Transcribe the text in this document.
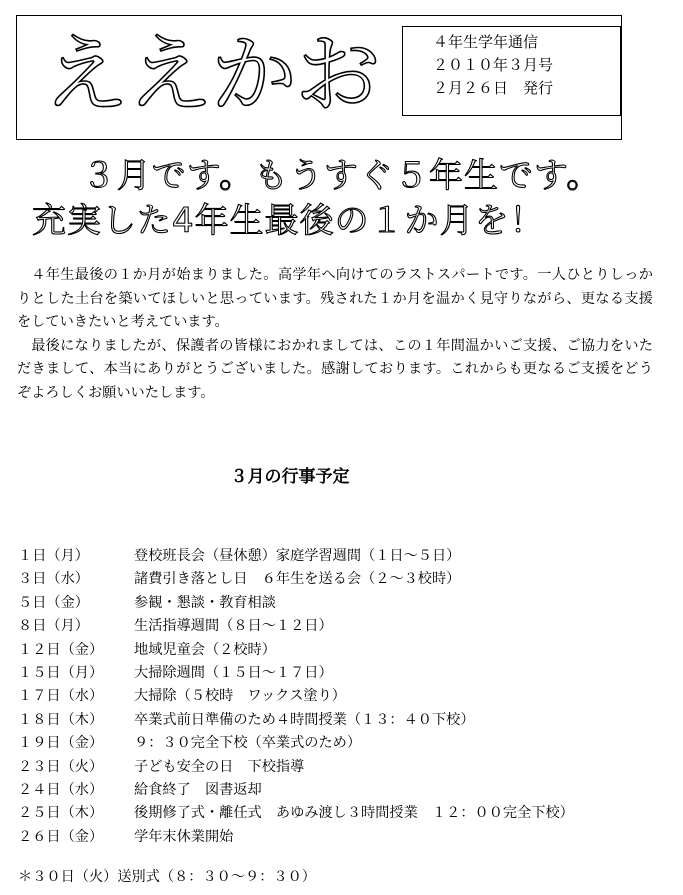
ええかお	４年生学年通信
２０１０年３月号
２月２６日　発行
３月です。もうすぐ５年生です。
充実した4年生最後の１か月を！

４年生最後の１か月が始まりました。高学年へ向けてのラストスパートです。一人ひとりしっかりとした土台を築いてほしいと思っています。残された１か月を温かく見守りながら、更なる支援をしていきたいと考えています。

最後になりましたが、保護者の皆様におかれましては、この１年間温かいご支援、ご協力をいただきまして、本当にありがとうございました。感謝しております。これからも更なるご支援をどうぞよろしくお願いいたします。

３月の行事予定
１日（月）	登校班長会（昼休憩）家庭学習週間（１日～５日）
３日（水）	諸費引き落とし日　６年生を送る会（２～３校時）
５日（金）	参観・懇談・教育相談
８日（月）	生活指導週間（８日～１２日）
１２日（金）	地域児童会（２校時）
１５日（月）	大掃除週間（１５日～１７日）
１７日（水）	大掃除（５校時　ワックス塗り）
１８日（木）	卒業式前日準備のため４時間授業（１３：４０下校）
１９日（金）	９：３０完全下校（卒業式のため）
２３日（火）	子ども安全の日　下校指導
２４日（水）	給食終了　図書返却
２５日（木）	後期修了式・離任式　あゆみ渡し３時間授業　１２：００完全下校）
２６日（金）	学年末休業開始
＊３０日（火）送別式（８：３０～９：３０）
